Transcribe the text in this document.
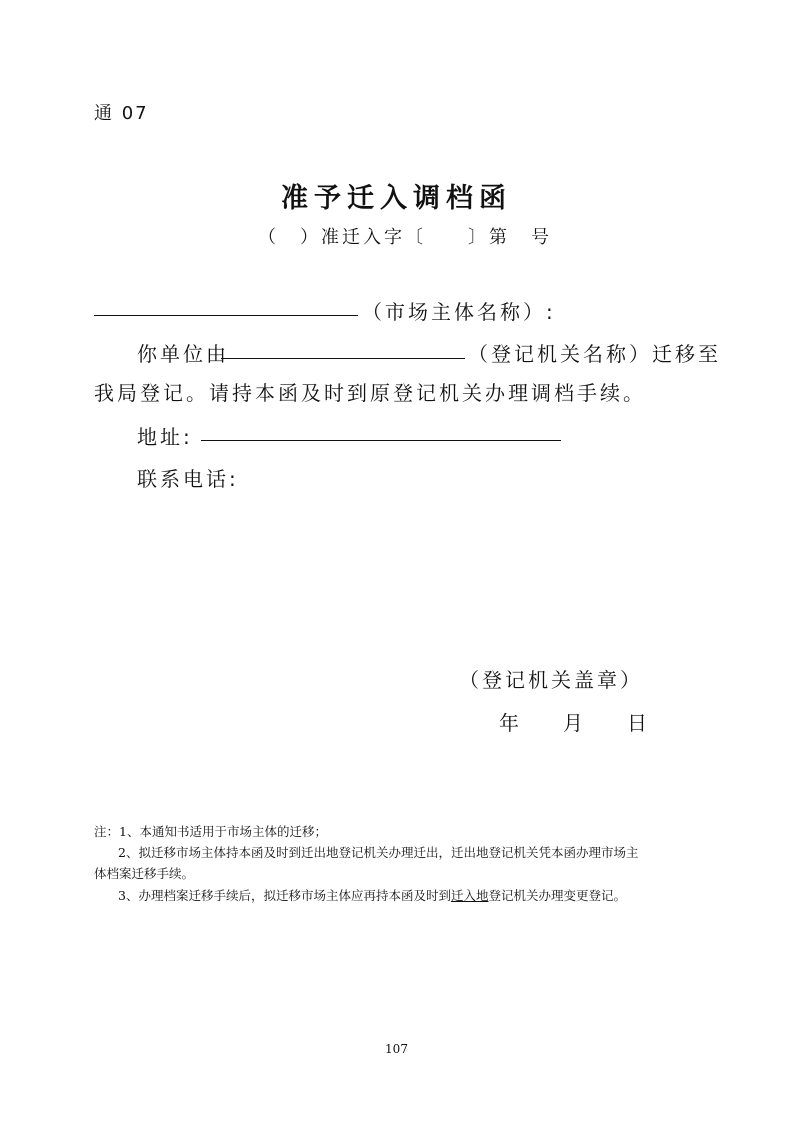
通 07
准予迁入调档函
（　）准迁入字〔　　〕第　号
（市场主体名称）:
你单位由	（登记机关名称）迁移至
我局登记。请持本函及时到原登记机关办理调档手续。
地址:
联系电话:
（登记机关盖章）
年 月 日
注：1、本通知书适用于市场主体的迁移；
2、拟迁移市场主体持本函及时到迁出地登记机关办理迁出，迁出地登记机关凭本函办理市场主
体档案迁移手续。
3、办理档案迁移手续后，拟迁移市场主体应再持本函及时到迁入地登记机关办理变更登记。
107
